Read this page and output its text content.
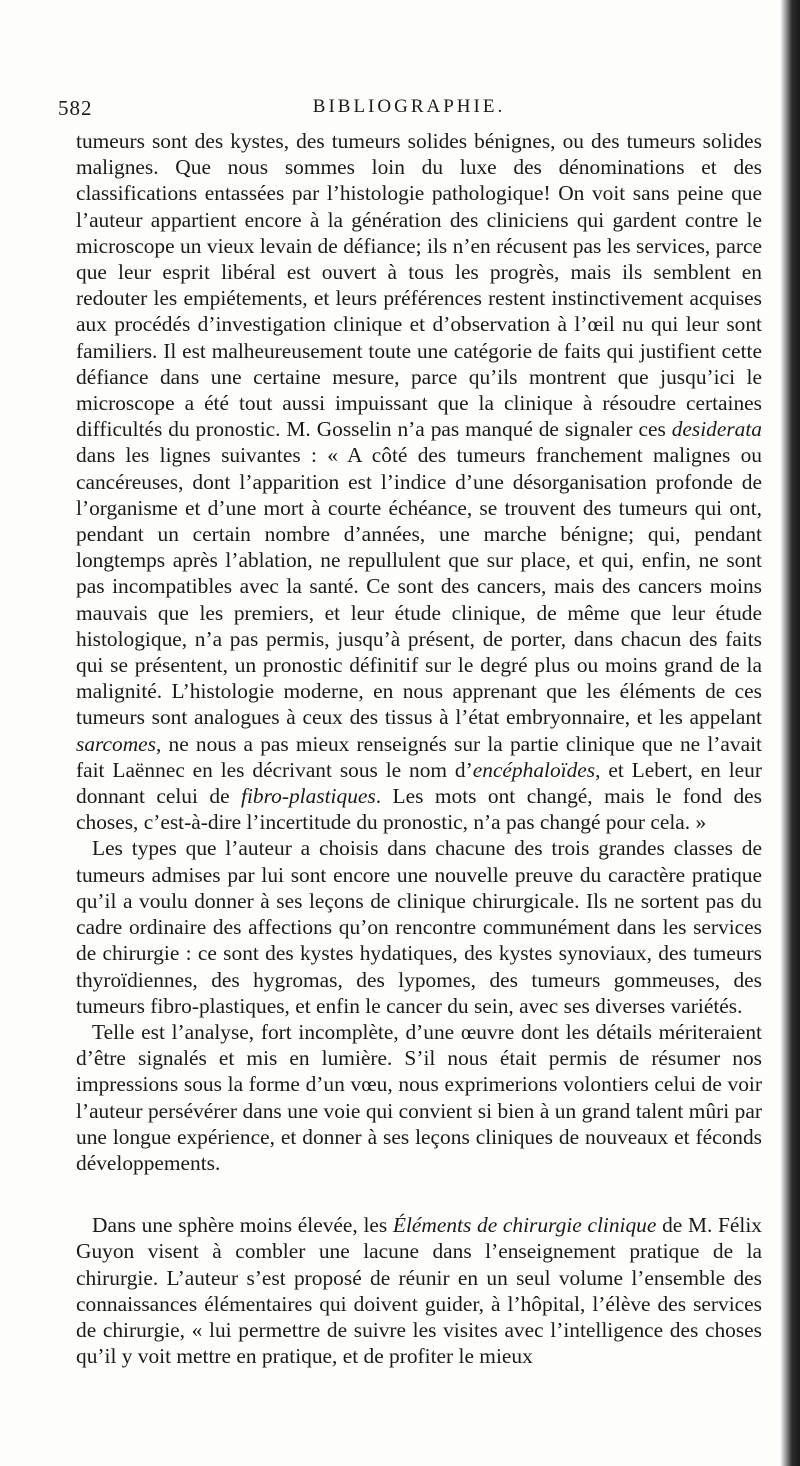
582	BIBLIOGRAPHIE.

tumeurs sont des kystes, des tumeurs solides bénignes, ou des tumeurs solides malignes. Que nous sommes loin du luxe des dénominations et des classifications entassées par l’histologie pathologique! On voit sans peine que l’auteur appartient encore à la génération des cliniciens qui gardent contre le microscope un vieux levain de défiance; ils n’en récusent pas les services, parce que leur esprit libéral est ouvert à tous les progrès, mais ils semblent en redouter les empiétements, et leurs préférences restent instinctivement acquises aux procédés d’investigation clinique et d’observation à l’œil nu qui leur sont familiers. Il est malheureusement toute une catégorie de faits qui justifient cette défiance dans une certaine mesure, parce qu’ils montrent que jusqu’ici le microscope a été tout aussi impuissant que la clinique à résoudre certaines difficultés du pronostic. M. Gosselin n’a pas manqué de signaler ces desiderata dans les lignes suivantes : « A côté des tumeurs franchement malignes ou cancéreuses, dont l’apparition est l’indice d’une désorganisation profonde de l’organisme et d’une mort à courte échéance, se trouvent des tumeurs qui ont, pendant un certain nombre d’années, une marche bénigne; qui, pendant longtemps après l’ablation, ne repullulent que sur place, et qui, enfin, ne sont pas incompatibles avec la santé. Ce sont des cancers, mais des cancers moins mauvais que les premiers, et leur étude clinique, de même que leur étude histologique, n’a pas permis, jusqu’à présent, de porter, dans chacun des faits qui se présentent, un pronostic définitif sur le degré plus ou moins grand de la malignité. L’histologie moderne, en nous apprenant que les éléments de ces tumeurs sont analogues à ceux des tissus à l’état embryonnaire, et les appelant sarcomes, ne nous a pas mieux renseignés sur la partie clinique que ne l’avait fait Laënnec en les décrivant sous le nom d’encéphaloïdes, et Lebert, en leur donnant celui de fibro-plastiques. Les mots ont changé, mais le fond des choses, c’est-à-dire l’incertitude du pronostic, n’a pas changé pour cela. »

Les types que l’auteur a choisis dans chacune des trois grandes classes de tumeurs admises par lui sont encore une nouvelle preuve du caractère pratique qu’il a voulu donner à ses leçons de clinique chirurgicale. Ils ne sortent pas du cadre ordinaire des affections qu’on rencontre communément dans les services de chirurgie : ce sont des kystes hydatiques, des kystes synoviaux, des tumeurs thyroïdiennes, des hygromas, des lypomes, des tumeurs gommeuses, des tumeurs fibro-plastiques, et enfin le cancer du sein, avec ses diverses variétés.

Telle est l’analyse, fort incomplète, d’une œuvre dont les détails mériteraient d’être signalés et mis en lumière. S’il nous était permis de résumer nos impressions sous la forme d’un vœu, nous exprimerions volontiers celui de voir l’auteur persévérer dans une voie qui convient si bien à un grand talent mûri par une longue expérience, et donner à ses leçons cliniques de nouveaux et féconds développements.

Dans une sphère moins élevée, les Éléments de chirurgie clinique de M. Félix Guyon visent à combler une lacune dans l’enseignement pratique de la chirurgie. L’auteur s’est proposé de réunir en un seul volume l’ensemble des connaissances élémentaires qui doivent guider, à l’hôpital, l’élève des services de chirurgie, « lui permettre de suivre les visites avec l’intelligence des choses qu’il y voit mettre en pratique, et de profiter le mieux
